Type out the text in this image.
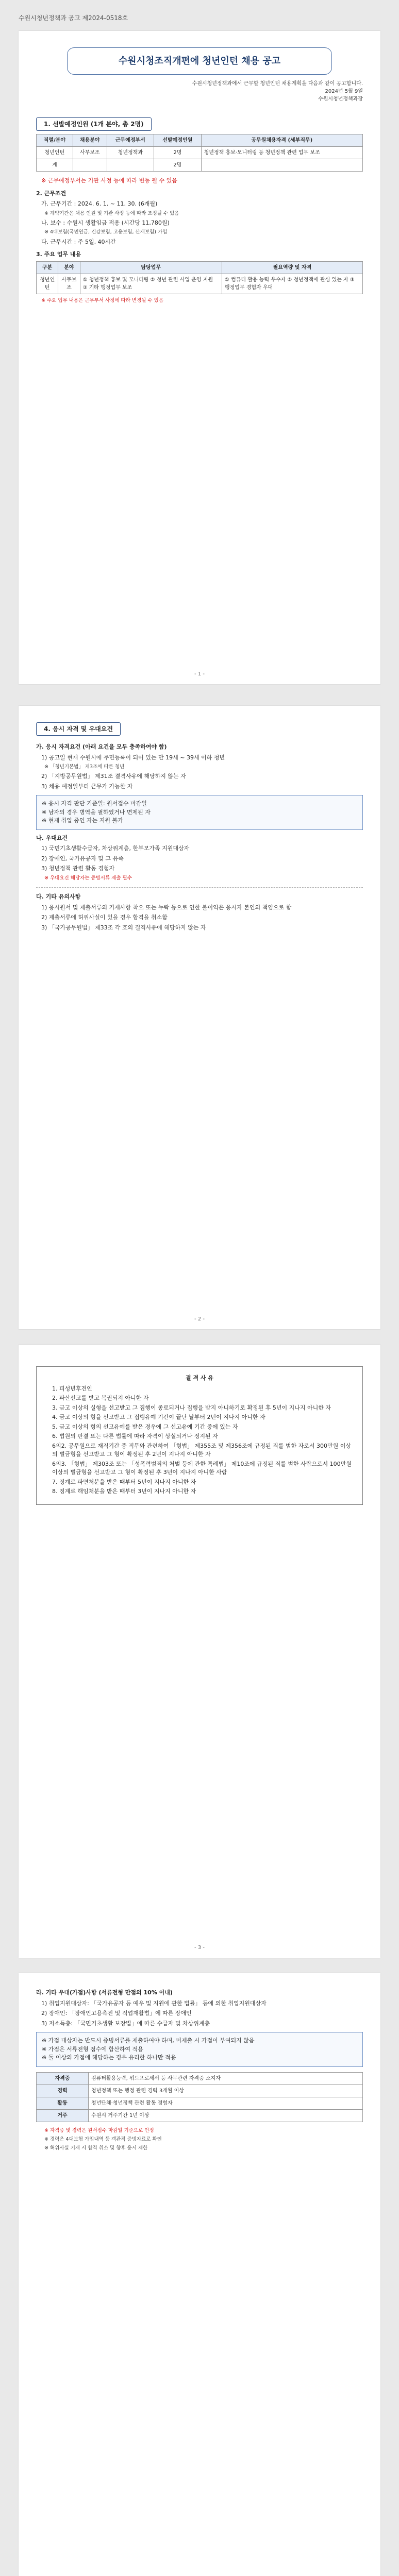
수원시청년정책과 공고 제2024-0518호
수원시청조직개편에 청년인턴 채용 공고
수원시청년정책과에서 근무할 청년인턴 채용계획을 다음과 같이 공고합니다.
2024년 5월 9일
수원시청년정책과장
1. 선발예정인원 (1개 분야, 총 2명)
직렬/분야	채용분야	근무예정부서	선발예정인원	공무원채용자격 (세부직무)
청년인턴	사무보조	청년정책과	2명	청년정책 홍보·모니터링 등 청년정책 관련 업무 보조
계			2명	
※ 근무예정부서는 기관 사정 등에 따라 변동 될 수 있음
2. 근무조건
가. 근무기간 : 2024. 6. 1. ~ 11. 30. (6개월)
※ 계약기간은 채용 인원 및 기관 사정 등에 따라 조정될 수 있음
나. 보수 : 수원시 생활임금 적용 (시간당 11,780원)
※ 4대보험(국민연금, 건강보험, 고용보험, 산재보험) 가입
다. 근무시간 : 주 5일, 40시간
3. 주요 업무 내용
구분	분야	담당업무	필요역량 및 자격
청년인턴	사무보조	① 청년정책 홍보 및 모니터링 ② 청년 관련 사업 운영 지원 ③ 기타 행정업무 보조	① 컴퓨터 활용 능력 우수자 ② 청년정책에 관심 있는 자 ③ 행정업무 경험자 우대
※ 주요 업무 내용은 근무부서 사정에 따라 변경될 수 있음
- 1 -
4. 응시 자격 및 우대요건
가. 응시 자격요건 (아래 요건을 모두 충족하여야 함)
1) 공고일 현재 수원시에 주민등록이 되어 있는 만 19세 ~ 39세 이하 청년
※ 「청년기본법」 제3조에 따른 청년
2) 「지방공무원법」 제31조 결격사유에 해당하지 않는 자
3) 채용 예정일부터 근무가 가능한 자
※ 응시 자격 판단 기준일: 원서접수 마감일
※ 남자의 경우 병역을 필하였거나 면제된 자
※ 현재 취업 중인 자는 지원 불가
나. 우대요건
1) 국민기초생활수급자, 차상위계층, 한부모가족 지원대상자
2) 장애인, 국가유공자 및 그 유족
3) 청년정책 관련 활동 경험자
※ 우대요건 해당자는 증빙서류 제출 필수
다. 기타 유의사항
1) 응시원서 및 제출서류의 기재사항 착오 또는 누락 등으로 인한 불이익은 응시자 본인의 책임으로 함
2) 제출서류에 허위사실이 있을 경우 합격을 취소함
3) 「국가공무원법」 제33조 각 호의 결격사유에 해당하지 않는 자
- 2 -
결 격 사 유
1. 피성년후견인
2. 파산선고를 받고 복권되지 아니한 자
3. 금고 이상의 실형을 선고받고 그 집행이 종료되거나 집행을 받지 아니하기로 확정된 후 5년이 지나지 아니한 자
4. 금고 이상의 형을 선고받고 그 집행유예 기간이 끝난 날부터 2년이 지나지 아니한 자
5. 금고 이상의 형의 선고유예를 받은 경우에 그 선고유예 기간 중에 있는 자
6. 법원의 판결 또는 다른 법률에 따라 자격이 상실되거나 정지된 자
6의2. 공무원으로 재직기간 중 직무와 관련하여 「형법」 제355조 및 제356조에 규정된 죄를 범한 자로서 300만원 이상의 벌금형을 선고받고 그 형이 확정된 후 2년이 지나지 아니한 자
6의3. 「형법」 제303조 또는 「성폭력범죄의 처벌 등에 관한 특례법」 제10조에 규정된 죄를 범한 사람으로서 100만원 이상의 벌금형을 선고받고 그 형이 확정된 후 3년이 지나지 아니한 사람
7. 징계로 파면처분을 받은 때부터 5년이 지나지 아니한 자
8. 징계로 해임처분을 받은 때부터 3년이 지나지 아니한 자
- 3 -
라. 기타 우대(가점)사항 (서류전형 만점의 10% 이내)
1) 취업지원대상자: 「국가유공자 등 예우 및 지원에 관한 법률」 등에 의한 취업지원대상자
2) 장애인: 「장애인고용촉진 및 직업재활법」에 따른 장애인
3) 저소득층: 「국민기초생활 보장법」에 따른 수급자 및 차상위계층
※ 가점 대상자는 반드시 증빙서류를 제출하여야 하며, 미제출 시 가점이 부여되지 않음
※ 가점은 서류전형 점수에 합산하여 적용
※ 둘 이상의 가점에 해당하는 경우 유리한 하나만 적용
자격증	컴퓨터활용능력, 워드프로세서 등 사무관련 자격증 소지자
경력	청년정책 또는 행정 관련 경력 3개월 이상
활동	청년단체·청년정책 관련 활동 경험자
거주	수원시 거주기간 1년 이상
※ 자격증 및 경력은 원서접수 마감일 기준으로 인정
※ 경력은 4대보험 가입내역 등 객관적 증빙자료로 확인
※ 허위사실 기재 시 합격 취소 및 향후 응시 제한
